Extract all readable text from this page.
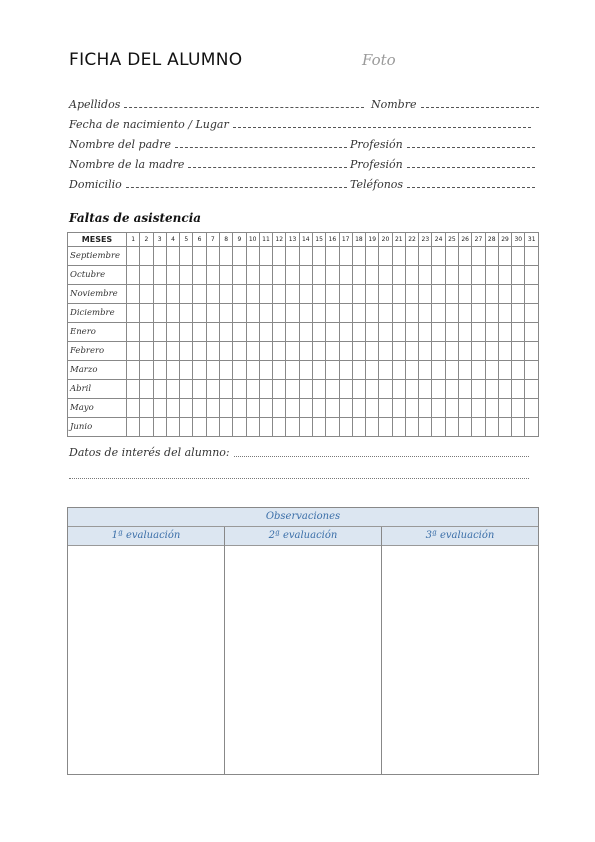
FICHA DEL ALUMNO	Foto
Apellidos	Nombre
Fecha de nacimiento / Lugar
Nombre del padre	Profesión
Nombre de la madre	Profesión
Domicilio	Teléfonos
Faltas de asistencia
MESES	1	2	3	4	5	6	7	8	9	10	11	12	13	14	15	16	17	18	19	20	21	22	23	24	25	26	27	28	29	30	31
Septiembre																															
Octubre																															
Noviembre																															
Diciembre																															
Enero																															
Febrero																															
Marzo																															
Abril																															
Mayo																															
Junio																															
Datos de interés del alumno:
Observaciones
1ª evaluación	2ª evaluación	3ª evaluación
